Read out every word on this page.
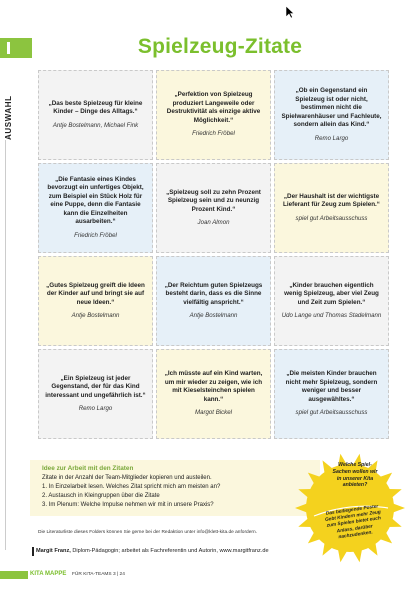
Spielzeug-Zitate
AUSWAHL	„Das beste Spielzeug für kleine Kinder – Dinge des Alltags.“
Antje Bostelmann, Michael Fink
„Perfektion von Spielzeug produziert Langeweile oder Destruktivität als einzige aktive Möglichkeit.“
Friedrich Fröbel
„Ob ein Gegenstand ein Spielzeug ist oder nicht, bestimmen nicht die Spielwarenhäuser und Fachleute, sondern allein das Kind.“
Remo Largo
„Die Fantasie eines Kindes bevorzugt ein unfertiges Objekt, zum Beispiel ein Stück Holz für eine Puppe, denn die Fantasie kann die Einzelheiten ausarbeiten.“
Friedrich Fröbel
„Spielzeug soll zu zehn Prozent Spielzeug sein und zu neunzig Prozent Kind.“
Joan Almon
„Der Haushalt ist der wichtigste Lieferant für Zeug zum Spielen.“
spiel gut Arbeitsausschuss
„Gutes Spielzeug greift die Ideen der Kinder auf und bringt sie auf neue Ideen.“
Antje Bostelmann
„Der Reichtum guten Spielzeugs besteht darin, dass es die Sinne vielfältig anspricht.“
Antje Bostelmann
„Kinder brauchen eigentlich wenig Spielzeug, aber viel Zeug und Zeit zum Spielen.“
Udo Lange und Thomas Stadelmann
„Ein Spielzeug ist jeder Gegenstand, der für das Kind interessant und ungefährlich ist.“
Remo Largo
„Ich müsste auf ein Kind warten, um mir wieder zu zeigen, wie ich mit Kieselsteinchen spielen kann.“
Margot Bickel
„Die meisten Kinder brauchen nicht mehr Spielzeug, sondern weniger und besser ausgewähltes.“
spiel gut Arbeitsausschuss
Idee zur Arbeit mit den Zitaten
Zitate in der Anzahl der Team-Mitglieder kopieren und austeilen.
1. In Einzelarbeit lesen. Welches Zitat spricht mich am meisten an?
2. Austausch in Kleingruppen über die Zitate
3. Im Plenum: Welche Impulse nehmen wir mit in unsere Praxis?
Welche Spiel-Sachen wollen wir in unserer Kita anbieten?
Das beiliegende Poster Gebt Kindern mehr Zeug zum Spielen bietet euch Anlass, darüber nachzudenken.
Die Literaturliste dieses Folders können Sie gerne bei der Redaktion unter info@klett-kita.de anfordern.
Margit Franz, Diplom-Pädagogin; arbeitet als Fachreferentin und Autorin, www.margitfranz.de
KITA MAPPE FÜR KITA-TEAMS 3 | 24
